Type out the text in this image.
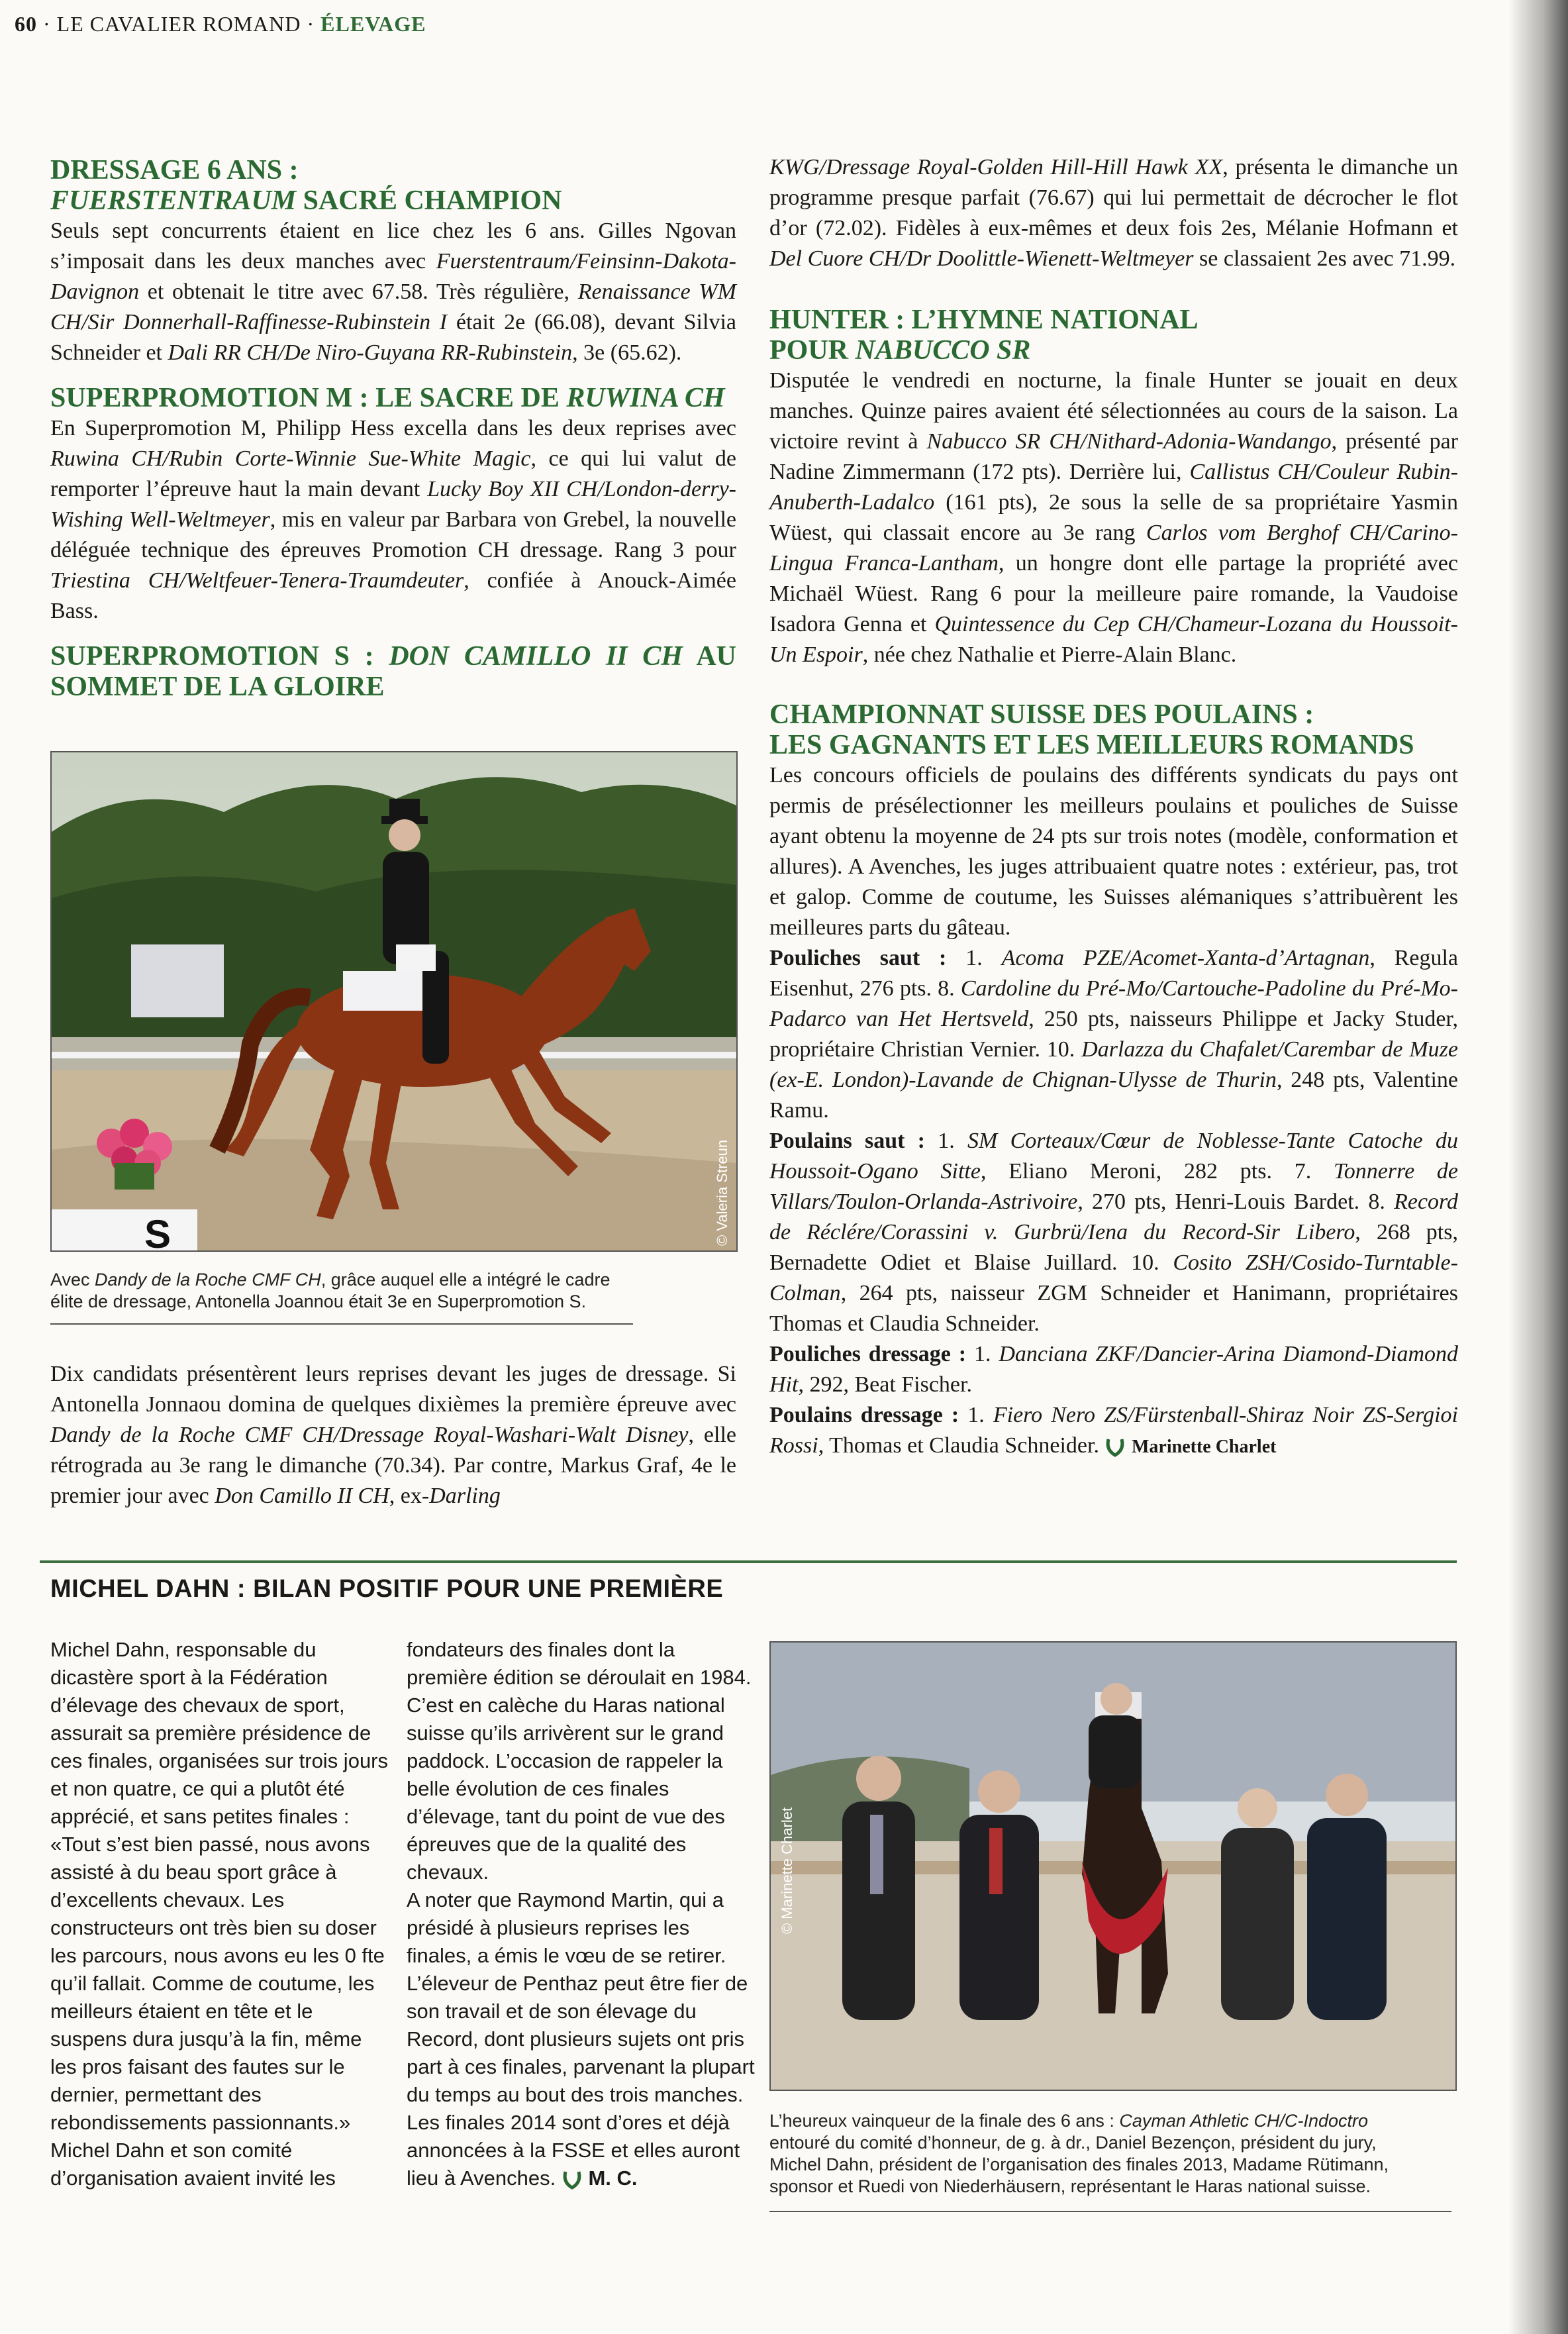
60 · LE CAVALIER ROMAND · ÉLEVAGE
DRESSAGE 6 ANS :
FUERSTENTRAUM SACRÉ CHAMPION

Seuls sept concurrents étaient en lice chez les 6 ans. Gilles Ngovan s’imposait dans les deux manches avec Fuerstentraum/Feinsinn-Dakota-Davignon et obtenait le titre avec 67.58. Très régulière, Renaissance WM CH/Sir Donnerhall-Raffinesse-Rubinstein I était 2e (66.08), devant Silvia Schneider et Dali RR CH/De Niro-Guyana RR-Rubinstein, 3e (65.62).

SUPERPROMOTION M : LE SACRE DE RUWINA CH

En Superpromotion M, Philipp Hess excella dans les deux reprises avec Ruwina CH/Rubin Corte-Winnie Sue-White Magic, ce qui lui valut de remporter l’épreuve haut la main devant Lucky Boy XII CH/London-derry-Wishing Well-Weltmeyer, mis en valeur par Barbara von Grebel, la nouvelle déléguée technique des épreuves Promotion CH dressage. Rang 3 pour Triestina CH/Weltfeuer-Tenera-Traumdeuter, confiée à Anouck-Aimée Bass.

SUPERPROMOTION S : DON CAMILLO II CH AU SOMMET DE LA GLOIRE
S	© Valeria Streun
Avec Dandy de la Roche CMF CH, grâce auquel elle a intégré le cadre élite de dressage, Antonella Joannou était 3e en Superpromotion S.

Dix candidats présentèrent leurs reprises devant les juges de dressage. Si Antonella Jonnaou domina de quelques dixièmes la première épreuve avec Dandy de la Roche CMF CH/Dressage Royal-Washari-Walt Disney, elle rétrograda au 3e rang le dimanche (70.34). Par contre, Markus Graf, 4e le premier jour avec Don Camillo II CH, ex-Darling

KWG/Dressage Royal-Golden Hill-Hill Hawk XX, présenta le dimanche un programme presque parfait (76.67) qui lui permettait de décrocher le flot d’or (72.02). Fidèles à eux-mêmes et deux fois 2es, Mélanie Hofmann et Del Cuore CH/Dr Doolittle-Wienett-Weltmeyer se classaient 2es avec 71.99.

HUNTER : L’HYMNE NATIONAL
POUR NABUCCO SR

Disputée le vendredi en nocturne, la finale Hunter se jouait en deux manches. Quinze paires avaient été sélectionnées au cours de la saison. La victoire revint à Nabucco SR CH/Nithard-Adonia-Wandango, présenté par Nadine Zimmermann (172 pts). Derrière lui, Callistus CH/Couleur Rubin-Anuberth-Ladalco (161 pts), 2e sous la selle de sa propriétaire Yasmin Wüest, qui classait encore au 3e rang Carlos vom Berghof CH/Carino-Lingua Franca-Lantham, un hongre dont elle partage la propriété avec Michaël Wüest. Rang 6 pour la meilleure paire romande, la Vaudoise Isadora Genna et Quintessence du Cep CH/Chameur-Lozana du Houssoit-Un Espoir, née chez Nathalie et Pierre-Alain Blanc.

CHAMPIONNAT SUISSE DES POULAINS :
LES GAGNANTS ET LES MEILLEURS ROMANDS

Les concours officiels de poulains des différents syndicats du pays ont permis de présélectionner les meilleurs poulains et pouliches de Suisse ayant obtenu la moyenne de 24 pts sur trois notes (modèle, conformation et allures). A Avenches, les juges attribuaient quatre notes : extérieur, pas, trot et galop. Comme de coutume, les Suisses alémaniques s’attribuèrent les meilleures parts du gâteau.

Pouliches saut : 1. Acoma PZE/Acomet-Xanta-d’Artagnan, Regula Eisenhut, 276 pts. 8. Cardoline du Pré-Mo/Cartouche-Padoline du Pré-Mo-Padarco van Het Hertsveld, 250 pts, naisseurs Philippe et Jacky Studer, propriétaire Christian Vernier. 10. Darlazza du Chafalet/Carembar de Muze (ex-E. London)-Lavande de Chignan-Ulysse de Thurin, 248 pts, Valentine Ramu.

Poulains saut : 1. SM Corteaux/Cœur de Noblesse-Tante Catoche du Houssoit-Ogano Sitte, Eliano Meroni, 282 pts. 7. Tonnerre de Villars/Toulon-Orlanda-Astrivoire, 270 pts, Henri-Louis Bardet. 8. Record de Réclére/Corassini v. Gurbrü/Iena du Record-Sir Libero, 268 pts, Bernadette Odiet et Blaise Juillard. 10. Cosito ZSH/Cosido-Turntable-Colman, 264 pts, naisseur ZGM Schneider et Hanimann, propriétaires Thomas et Claudia Schneider.

Pouliches dressage : 1. Danciana ZKF/Dancier-Arina Diamond-Diamond Hit, 292, Beat Fischer.

Poulains dressage : 1. Fiero Nero ZS/Fürstenball-Shiraz Noir ZS-Sergioi Rossi, Thomas et Claudia Schneider.  Marinette Charlet

MICHEL DAHN : BILAN POSITIF POUR UNE PREMIÈRE

Michel Dahn, responsable du dicastère sport à la Fédération d’élevage des chevaux de sport, assurait sa première présidence de ces finales, organisées sur trois jours et non quatre, ce qui a plutôt été apprécié, et sans petites finales : «Tout s’est bien passé, nous avons assisté à du beau sport grâce à d’excellents chevaux. Les constructeurs ont très bien su doser les parcours, nous avons eu les 0 fte qu’il fallait. Comme de coutume, les meilleurs étaient en tête et le suspens dura jusqu’à la fin, même les pros faisant des fautes sur le dernier, permettant des rebondissements passionnants.»

Michel Dahn et son comité d’organisation avaient invité les

fondateurs des finales dont la première édition se déroulait en 1984. C’est en calèche du Haras national suisse qu’ils arrivèrent sur le grand paddock. L’occasion de rappeler la belle évolution de ces finales d’élevage, tant du point de vue des épreuves que de la qualité des chevaux.

A noter que Raymond Martin, qui a présidé à plusieurs reprises les finales, a émis le vœu de se retirer. L’éleveur de Penthaz peut être fier de son travail et de son élevage du Record, dont plusieurs sujets ont pris part à ces finales, parvenant la plupart du temps au bout des trois manches.

Les finales 2014 sont d’ores et déjà annoncées à la FSSE et elles auront lieu à Avenches.  M. C.

© Marinette Charlet
L’heureux vainqueur de la finale des 6 ans : Cayman Athletic CH/C-Indoctro entouré du comité d’honneur, de g. à dr., Daniel Bezençon, président du jury, Michel Dahn, président de l’organisation des finales 2013, Madame Rütimann, sponsor et Ruedi von Niederhäusern, représentant le Haras national suisse.
